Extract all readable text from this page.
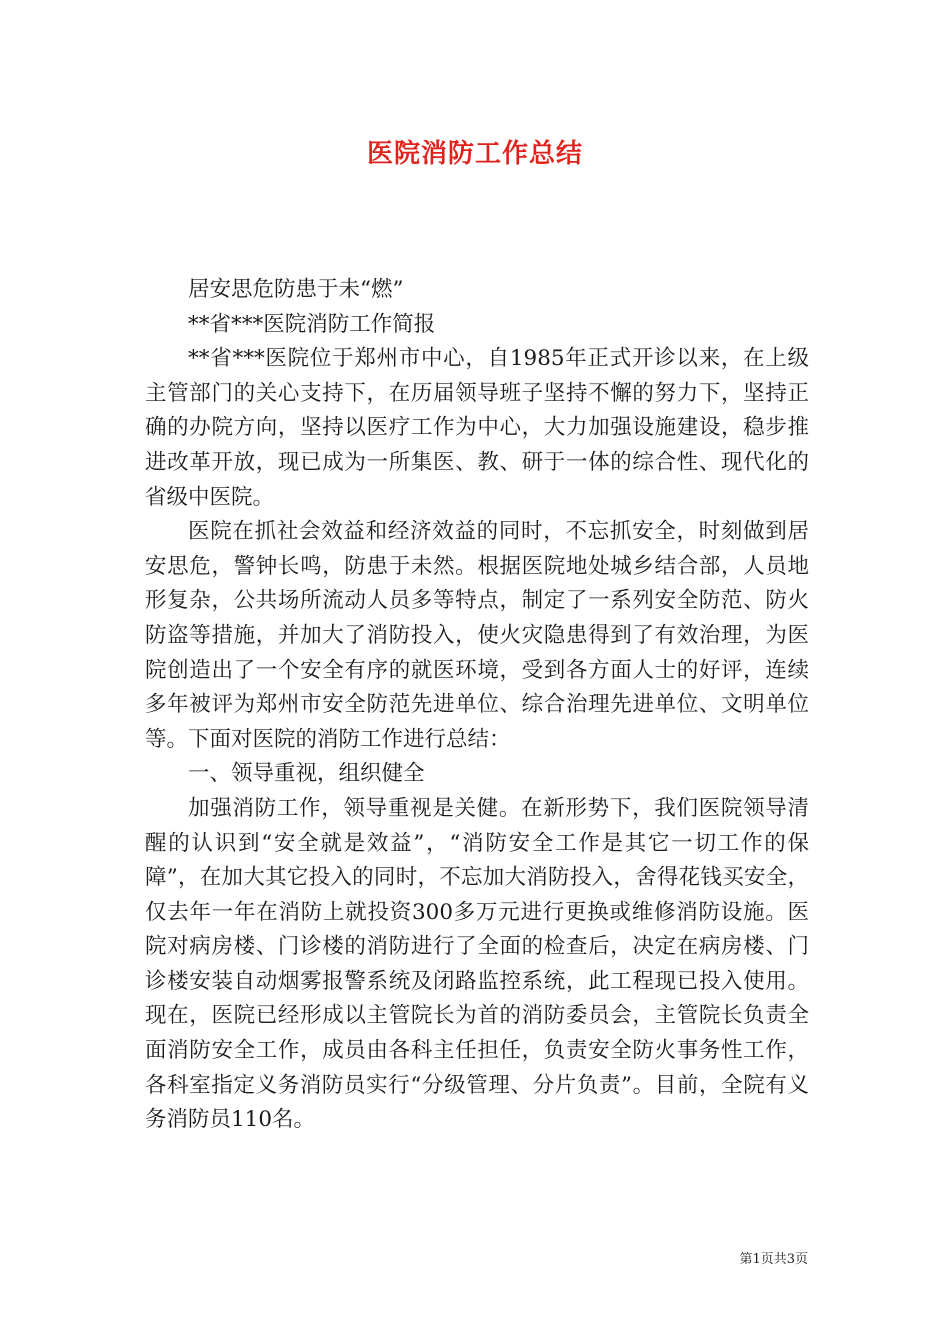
医院消防工作总结

居安思危防患于未“燃”

**省***医院消防工作简报

**省***医院位于郑州市中心，自1985年正式开诊以来，在上级主管部门的关心支持下，在历届领导班子坚持不懈的努力下，坚持正确的办院方向，坚持以医疗工作为中心，大力加强设施建设，稳步推进改革开放，现已成为一所集医、教、研于一体的综合性、现代化的省级中医院。

医院在抓社会效益和经济效益的同时，不忘抓安全，时刻做到居安思危，警钟长鸣，防患于未然。根据医院地处城乡结合部，人员地形复杂，公共场所流动人员多等特点，制定了一系列安全防范、防火防盗等措施，并加大了消防投入，使火灾隐患得到了有效治理，为医院创造出了一个安全有序的就医环境，受到各方面人士的好评，连续多年被评为郑州市安全防范先进单位、综合治理先进单位、文明单位等。下面对医院的消防工作进行总结：

一、领导重视，组织健全

加强消防工作，领导重视是关健。在新形势下，我们医院领导清醒的认识到“安全就是效益”，“消防安全工作是其它一切工作的保障”，在加大其它投入的同时，不忘加大消防投入，舍得花钱买安全，仅去年一年在消防上就投资300多万元进行更换或维修消防设施。医院对病房楼、门诊楼的消防进行了全面的检查后，决定在病房楼、门诊楼安装自动烟雾报警系统及闭路监控系统，此工程现已投入使用。现在，医院已经形成以主管院长为首的消防委员会，主管院长负责全面消防安全工作，成员由各科主任担任，负责安全防火事务性工作，各科室指定义务消防员实行“分级管理、分片负责”。目前，全院有义务消防员110名。

第1页共3页
